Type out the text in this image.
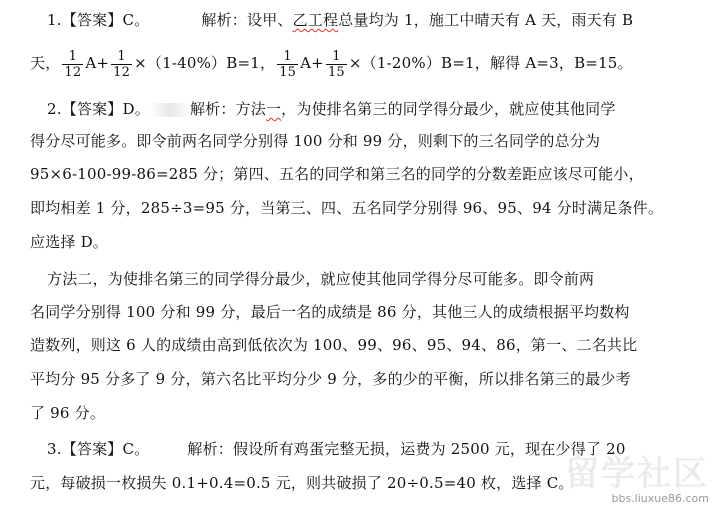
1.【答案】C。	解析：设甲、乙工程总量均为 1，施工中晴天有 A 天，雨天有 B
天， $\frac{1}{12} A+ \frac{1}{12} \times(1-40\%)B=1$， $\frac{1}{15} A+ \frac{1}{15} \times(1-20\%)B=1$，解得 A=3，B=15。
2.【答案】D。	解析：方法一，为使排名第三的同学得分最少，就应使其他同学
得分尽可能多。即令前两名同学分别得 100 分和 99 分，则剩下的三名同学的总分为
95×6-100-99-86=285 分；第四、五名的同学和第三名的同学的分数差距应该尽可能小，
即均相差 1 分，285÷3=95 分，当第三、四、五名同学分别得 96、95、94 分时满足条件。
应选择 D。
方法二，为使排名第三的同学得分最少，就应使其他同学得分尽可能多。即令前两
名同学分别得 100 分和 99 分，最后一名的成绩是 86 分，其他三人的成绩根据平均数构
造数列，则这 6 人的成绩由高到低依次为 100、99、96、95、94、86，第一、二名共比
平均分 95 分多了 9 分，第六名比平均分少 9 分，多的少的平衡，所以排名第三的最少考
了 96 分。
3.【答案】C。	解析：假设所有鸡蛋完整无损，运费为 2500 元，现在少得了 20
元，每破损一枚损失 0.1+0.4=0.5 元，则共破损了 20÷0.5=40 枚，选择 C。
留学社区
bbs.liuxue86.com
